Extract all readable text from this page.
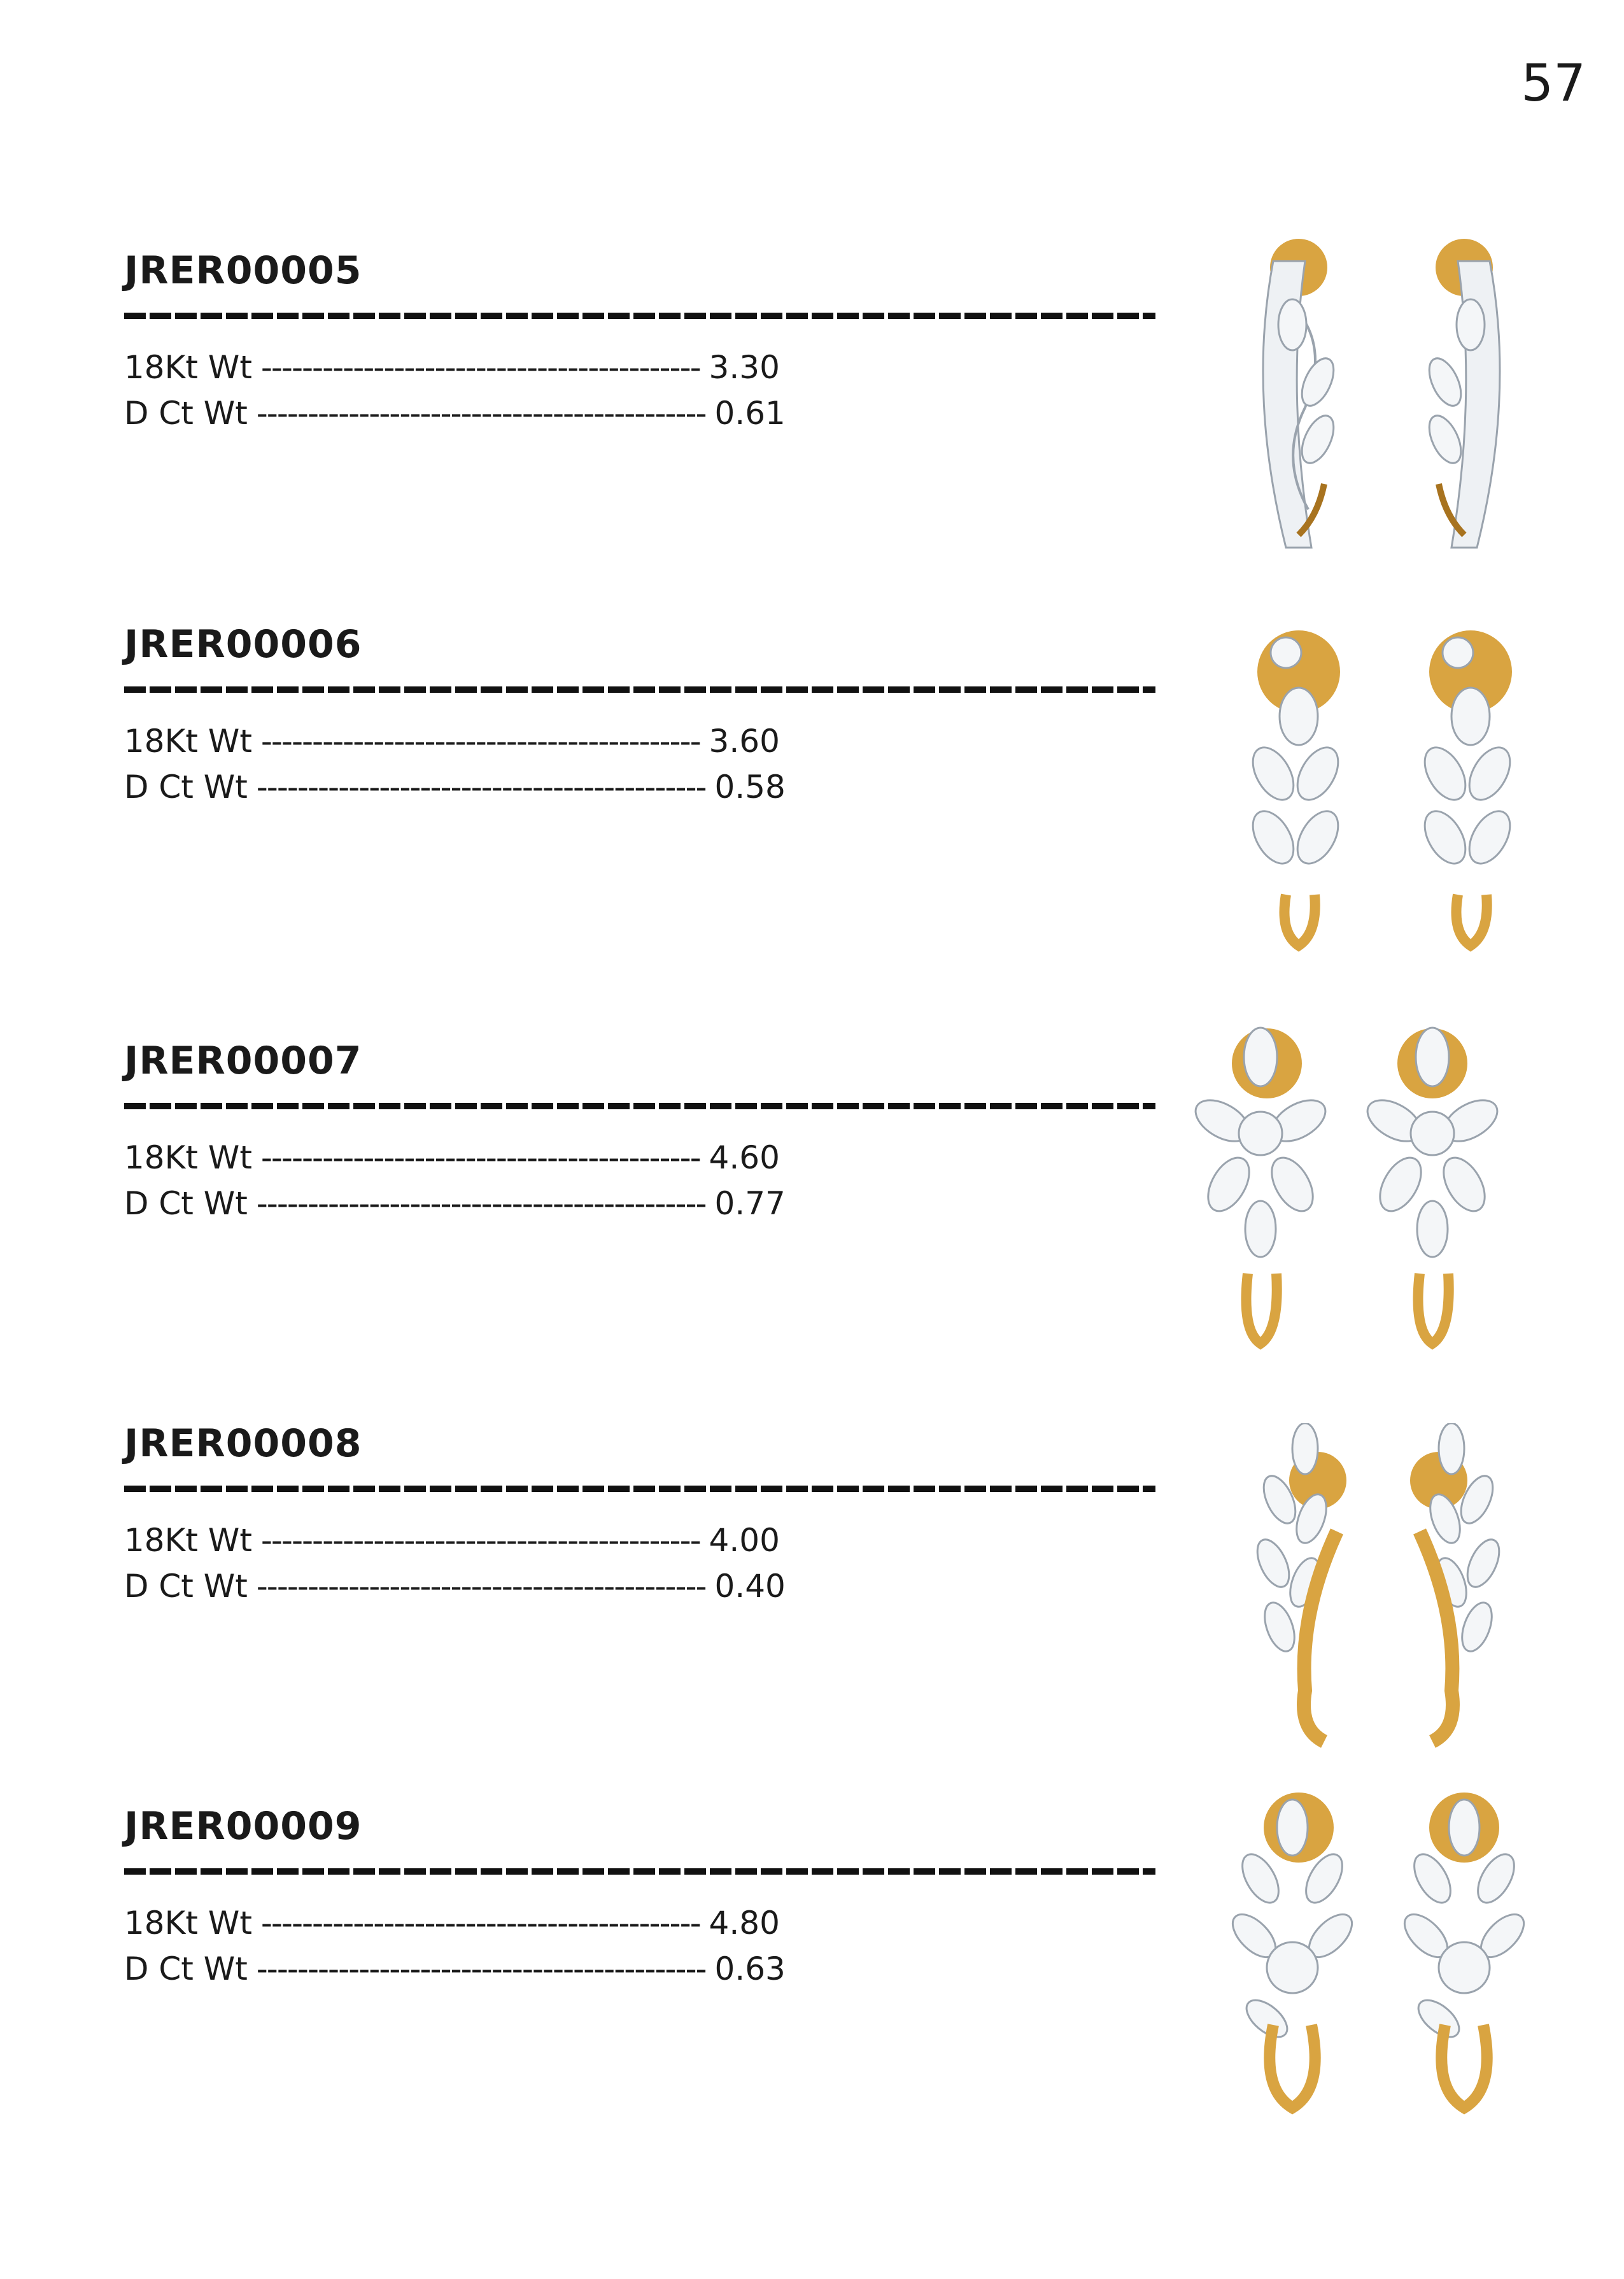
57
JRER00005
18Kt Wt ------------------------------------------- 3.30
D Ct Wt -------------------------------------------- 0.61
JRER00006
18Kt Wt ------------------------------------------- 3.60
D Ct Wt -------------------------------------------- 0.58
JRER00007
18Kt Wt ------------------------------------------- 4.60
D Ct Wt -------------------------------------------- 0.77
JRER00008
18Kt Wt ------------------------------------------- 4.00
D Ct Wt -------------------------------------------- 0.40
JRER00009
18Kt Wt ------------------------------------------- 4.80
D Ct Wt -------------------------------------------- 0.63
